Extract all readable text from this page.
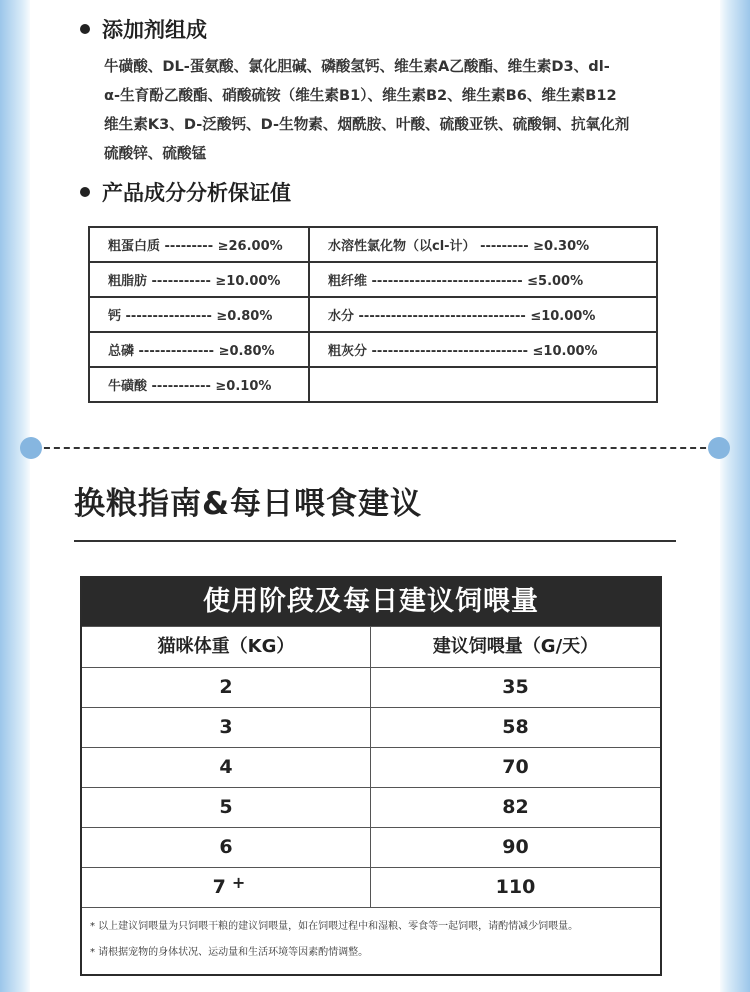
添加剂组成
牛磺酸、DL-蛋氨酸、氯化胆碱、磷酸氢钙、维生素A乙酸酯、维生素D3、dl-
α-生育酚乙酸酯、硝酸硫铵（维生素B1）、维生素B2、维生素B6、维生素B12
维生素K3、D-泛酸钙、D-生物素、烟酰胺、叶酸、硫酸亚铁、硫酸铜、抗氧化剂
硫酸锌、硫酸锰
产品成分分析保证值
粗蛋白质 --------- ≥26.00%	水溶性氯化物（以cl-计） --------- ≥0.30%
粗脂肪 ----------- ≥10.00%	粗纤维 ---------------------------- ≤5.00%
钙 ---------------- ≥0.80%	水分 ------------------------------- ≤10.00%
总磷 -------------- ≥0.80%	粗灰分 ----------------------------- ≤10.00%
牛磺酸 ----------- ≥0.10%	
换粮指南&每日喂食建议
使用阶段及每日建议饲喂量
猫咪体重（KG）	建议饲喂量（G/天）
2	35
3	58
4	70
5	82
6	90
7 +	110
* 以上建议饲喂量为只饲喂干粮的建议饲喂量，如在饲喂过程中和湿粮、零食等一起饲喂，请酌情减少饲喂量。
* 请根据宠物的身体状况、运动量和生活环境等因素酌情调整。
